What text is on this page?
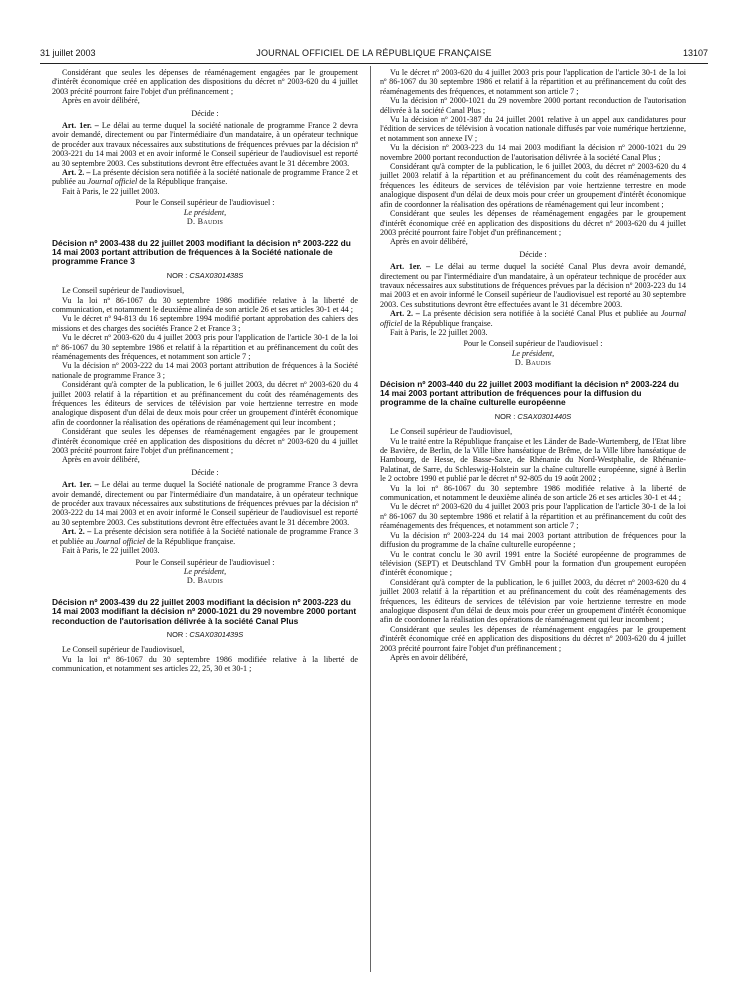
31 juillet 2003	JOURNAL OFFICIEL DE LA RÉPUBLIQUE FRANÇAISE	13107

Considérant que seules les dépenses de réaménagement engagées par le groupement d'intérêt économique créé en application des dispositions du décret nº 2003-620 du 4 juillet 2003 précité pourront faire l'objet d'un préfinancement ;

Après en avoir délibéré,

Décide :

Art. 1er. – Le délai au terme duquel la société nationale de programme France 2 devra avoir demandé, directement ou par l'intermédiaire d'un mandataire, à un opérateur technique de procéder aux travaux nécessaires aux substitutions de fréquences prévues par la décision nº 2003-221 du 14 mai 2003 et en avoir informé le Conseil supérieur de l'audiovisuel est reporté au 30 septembre 2003. Ces substitutions devront être effectuées avant le 31 décembre 2003.

Art. 2. – La présente décision sera notifiée à la société nationale de programme France 2 et publiée au Journal officiel de la République française.

Fait à Paris, le 22 juillet 2003.

Pour le Conseil supérieur de l'audiovisuel :

Le président,

D. Baudis

Décision nº 2003-438 du 22 juillet 2003 modifiant la décision nº 2003-222 du 14 mai 2003 portant attribution de fréquences à la Société nationale de programme France 3

NOR : CSAX0301438S

Le Conseil supérieur de l'audiovisuel,

Vu la loi nº 86-1067 du 30 septembre 1986 modifiée relative à la liberté de communication, et notamment le deuxième alinéa de son article 26 et ses articles 30-1 et 44 ;

Vu le décret nº 94-813 du 16 septembre 1994 modifié portant approbation des cahiers des missions et des charges des sociétés France 2 et France 3 ;

Vu le décret nº 2003-620 du 4 juillet 2003 pris pour l'application de l'article 30-1 de la loi nº 86-1067 du 30 septembre 1986 et relatif à la répartition et au préfinancement du coût des réaménagements des fréquences, et notamment son article 7 ;

Vu la décision nº 2003-222 du 14 mai 2003 portant attribution de fréquences à la Société nationale de programme France 3 ;

Considérant qu'à compter de la publication, le 6 juillet 2003, du décret nº 2003-620 du 4 juillet 2003 relatif à la répartition et au préfinancement du coût des réaménagements des fréquences les éditeurs de services de télévision par voie hertzienne terrestre en mode analogique disposent d'un délai de deux mois pour créer un groupement d'intérêt économique afin de coordonner la réalisation des opérations de réaménagement qui leur incombent ;

Considérant que seules les dépenses de réaménagement engagées par le groupement d'intérêt économique créé en application des dispositions du décret nº 2003-620 du 4 juillet 2003 précité pourront faire l'objet d'un préfinancement ;

Après en avoir délibéré,

Décide :

Art. 1er. – Le délai au terme duquel la Société nationale de programme France 3 devra avoir demandé, directement ou par l'intermédiaire d'un mandataire, à un opérateur technique de procéder aux travaux nécessaires aux substitutions de fréquences prévues par la décision nº 2003-222 du 14 mai 2003 et en avoir informé le Conseil supérieur de l'audiovisuel est reporté au 30 septembre 2003. Ces substitutions devront être effectuées avant le 31 décembre 2003.

Art. 2. – La présente décision sera notifiée à la Société nationale de programme France 3 et publiée au Journal officiel de la République française.

Fait à Paris, le 22 juillet 2003.

Pour le Conseil supérieur de l'audiovisuel :

Le président,

D. Baudis

Décision nº 2003-439 du 22 juillet 2003 modifiant la décision nº 2003-223 du 14 mai 2003 modifiant la décision nº 2000-1021 du 29 novembre 2000 portant reconduction de l'autorisation délivrée à la société Canal Plus

NOR : CSAX0301439S

Le Conseil supérieur de l'audiovisuel,

Vu la loi nº 86-1067 du 30 septembre 1986 modifiée relative à la liberté de communication, et notamment ses articles 22, 25, 30 et 30-1 ;

Vu le décret nº 2003-620 du 4 juillet 2003 pris pour l'application de l'article 30-1 de la loi nº 86-1067 du 30 septembre 1986 et relatif à la répartition et au préfinancement du coût des réaménagements des fréquences, et notamment son article 7 ;

Vu la décision nº 2000-1021 du 29 novembre 2000 portant reconduction de l'autorisation délivrée à la société Canal Plus ;

Vu la décision nº 2001-387 du 24 juillet 2001 relative à un appel aux candidatures pour l'édition de services de télévision à vocation nationale diffusés par voie numérique hertzienne, et notamment son annexe IV ;

Vu la décision nº 2003-223 du 14 mai 2003 modifiant la décision nº 2000-1021 du 29 novembre 2000 portant reconduction de l'autorisation délivrée à la société Canal Plus ;

Considérant qu'à compter de la publication, le 6 juillet 2003, du décret nº 2003-620 du 4 juillet 2003 relatif à la répartition et au préfinancement du coût des réaménagements des fréquences les éditeurs de services de télévision par voie hertzienne terrestre en mode analogique disposent d'un délai de deux mois pour créer un groupement d'intérêt économique afin de coordonner la réalisation des opérations de réaménagement qui leur incombent ;

Considérant que seules les dépenses de réaménagement engagées par le groupement d'intérêt économique créé en application des dispositions du décret nº 2003-620 du 4 juillet 2003 précité pourront faire l'objet d'un préfinancement ;

Après en avoir délibéré,

Décide :

Art. 1er. – Le délai au terme duquel la société Canal Plus devra avoir demandé, directement ou par l'intermédiaire d'un mandataire, à un opérateur technique de procéder aux travaux nécessaires aux substitutions de fréquences prévues par la décision nº 2003-223 du 14 mai 2003 et en avoir informé le Conseil supérieur de l'audiovisuel est reporté au 30 septembre 2003. Ces substitutions devront être effectuées avant le 31 décembre 2003.

Art. 2. – La présente décision sera notifiée à la société Canal Plus et publiée au Journal officiel de la République française.

Fait à Paris, le 22 juillet 2003.

Pour le Conseil supérieur de l'audiovisuel :

Le président,

D. Baudis

Décision nº 2003-440 du 22 juillet 2003 modifiant la décision nº 2003-224 du 14 mai 2003 portant attribution de fréquences pour la diffusion du programme de la chaîne culturelle européenne

NOR : CSAX0301440S

Le Conseil supérieur de l'audiovisuel,

Vu le traité entre la République française et les Länder de Bade-Wurtemberg, de l'Etat libre de Bavière, de Berlin, de la Ville libre hanséatique de Brême, de la Ville libre hanséatique de Hambourg, de Hesse, de Basse-Saxe, de Rhénanie du Nord-Westphalie, de Rhénanie-Palatinat, de Sarre, du Schleswig-Holstein sur la chaîne culturelle européenne, signé à Berlin le 2 octobre 1990 et publié par le décret nº 92-805 du 19 août 2002 ;

Vu la loi nº 86-1067 du 30 septembre 1986 modifiée relative à la liberté de communication, et notamment le deuxième alinéa de son article 26 et ses articles 30-1 et 44 ;

Vu le décret nº 2003-620 du 4 juillet 2003 pris pour l'application de l'article 30-1 de la loi nº 86-1067 du 30 septembre 1986 et relatif à la répartition et au préfinancement du coût des réaménagements des fréquences, et notamment son article 7 ;

Vu la décision nº 2003-224 du 14 mai 2003 portant attribution de fréquences pour la diffusion du programme de la chaîne culturelle européenne ;

Vu le contrat conclu le 30 avril 1991 entre la Société européenne de programmes de télévision (SEPT) et Deutschland TV GmbH pour la formation d'un groupement européen d'intérêt économique ;

Considérant qu'à compter de la publication, le 6 juillet 2003, du décret nº 2003-620 du 4 juillet 2003 relatif à la répartition et au préfinancement du coût des réaménagements des fréquences, les éditeurs de services de télévision par voie hertzienne terrestre en mode analogique disposent d'un délai de deux mois pour créer un groupement d'intérêt économique afin de coordonner la réalisation des opérations de réaménagement qui leur incombent ;

Considérant que seules les dépenses de réaménagement engagées par le groupement d'intérêt économique créé en application des dispositions du décret nº 2003-620 du 4 juillet 2003 précité pourront faire l'objet d'un préfinancement ;

Après en avoir délibéré,
